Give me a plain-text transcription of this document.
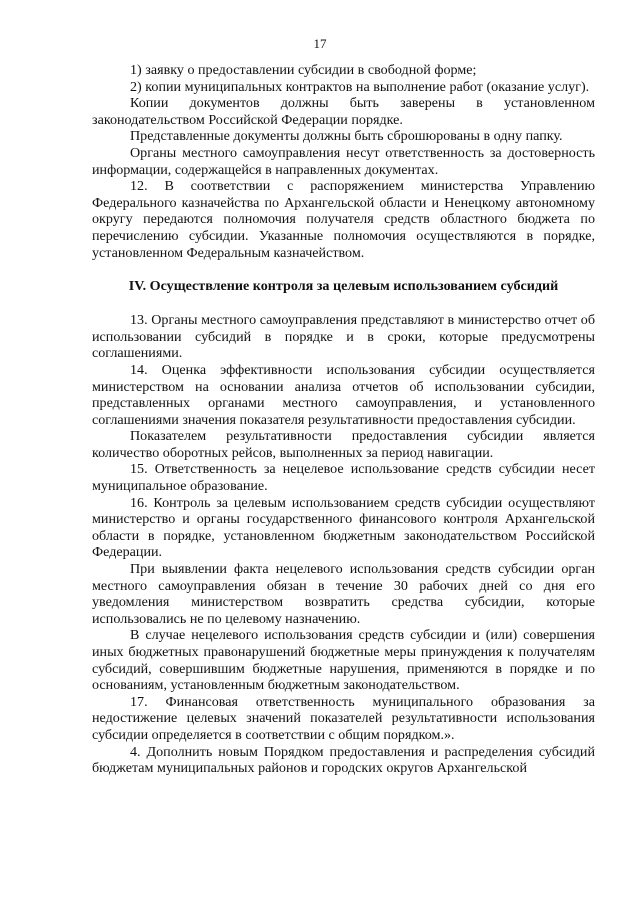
17

1) заявку о предоставлении субсидии в свободной форме;

2) копии муниципальных контрактов на выполнение работ (оказание услуг).

Копии документов должны быть заверены в установленном законодательством Российской Федерации порядке.

Представленные документы должны быть сброшюрованы в одну папку.

Органы местного самоуправления несут ответственность за достоверность информации, содержащейся в направленных документах.

12. В соответствии с распоряжением министерства Управлению Федерального казначейства по Архангельской области и Ненецкому автономному округу передаются полномочия получателя средств областного бюджета по перечислению субсидии. Указанные полномочия осуществляются в порядке, установленном Федеральным казначейством.

IV. Осуществление контроля за целевым использованием субсидий

13. Органы местного самоуправления представляют в министерство отчет об использовании субсидий в порядке и в сроки, которые предусмотрены соглашениями.

14. Оценка эффективности использования субсидии осуществляется министерством на основании анализа отчетов об использовании субсидии, представленных органами местного самоуправления, и установленного соглашениями значения показателя результативности предоставления субсидии.

Показателем результативности предоставления субсидии является количество оборотных рейсов, выполненных за период навигации.

15. Ответственность за нецелевое использование средств субсидии несет муниципальное образование.

16. Контроль за целевым использованием средств субсидии осуществляют министерство и органы государственного финансового контроля Архангельской области в порядке, установленном бюджетным законодательством Российской Федерации.

При выявлении факта нецелевого использования средств субсидии орган местного самоуправления обязан в течение 30 рабочих дней со дня его уведомления министерством возвратить средства субсидии, которые использовались не по целевому назначению.

В случае нецелевого использования средств субсидии и (или) совершения иных бюджетных правонарушений бюджетные меры принуждения к получателям субсидий, совершившим бюджетные нарушения, применяются в порядке и по основаниям, установленным бюджетным законодательством.

17. Финансовая ответственность муниципального образования за недостижение целевых значений показателей результативности использования субсидии определяется в соответствии с общим порядком.».

4. Дополнить новым Порядком предоставления и распределения субсидий бюджетам муниципальных районов и городских округов Архангельской
